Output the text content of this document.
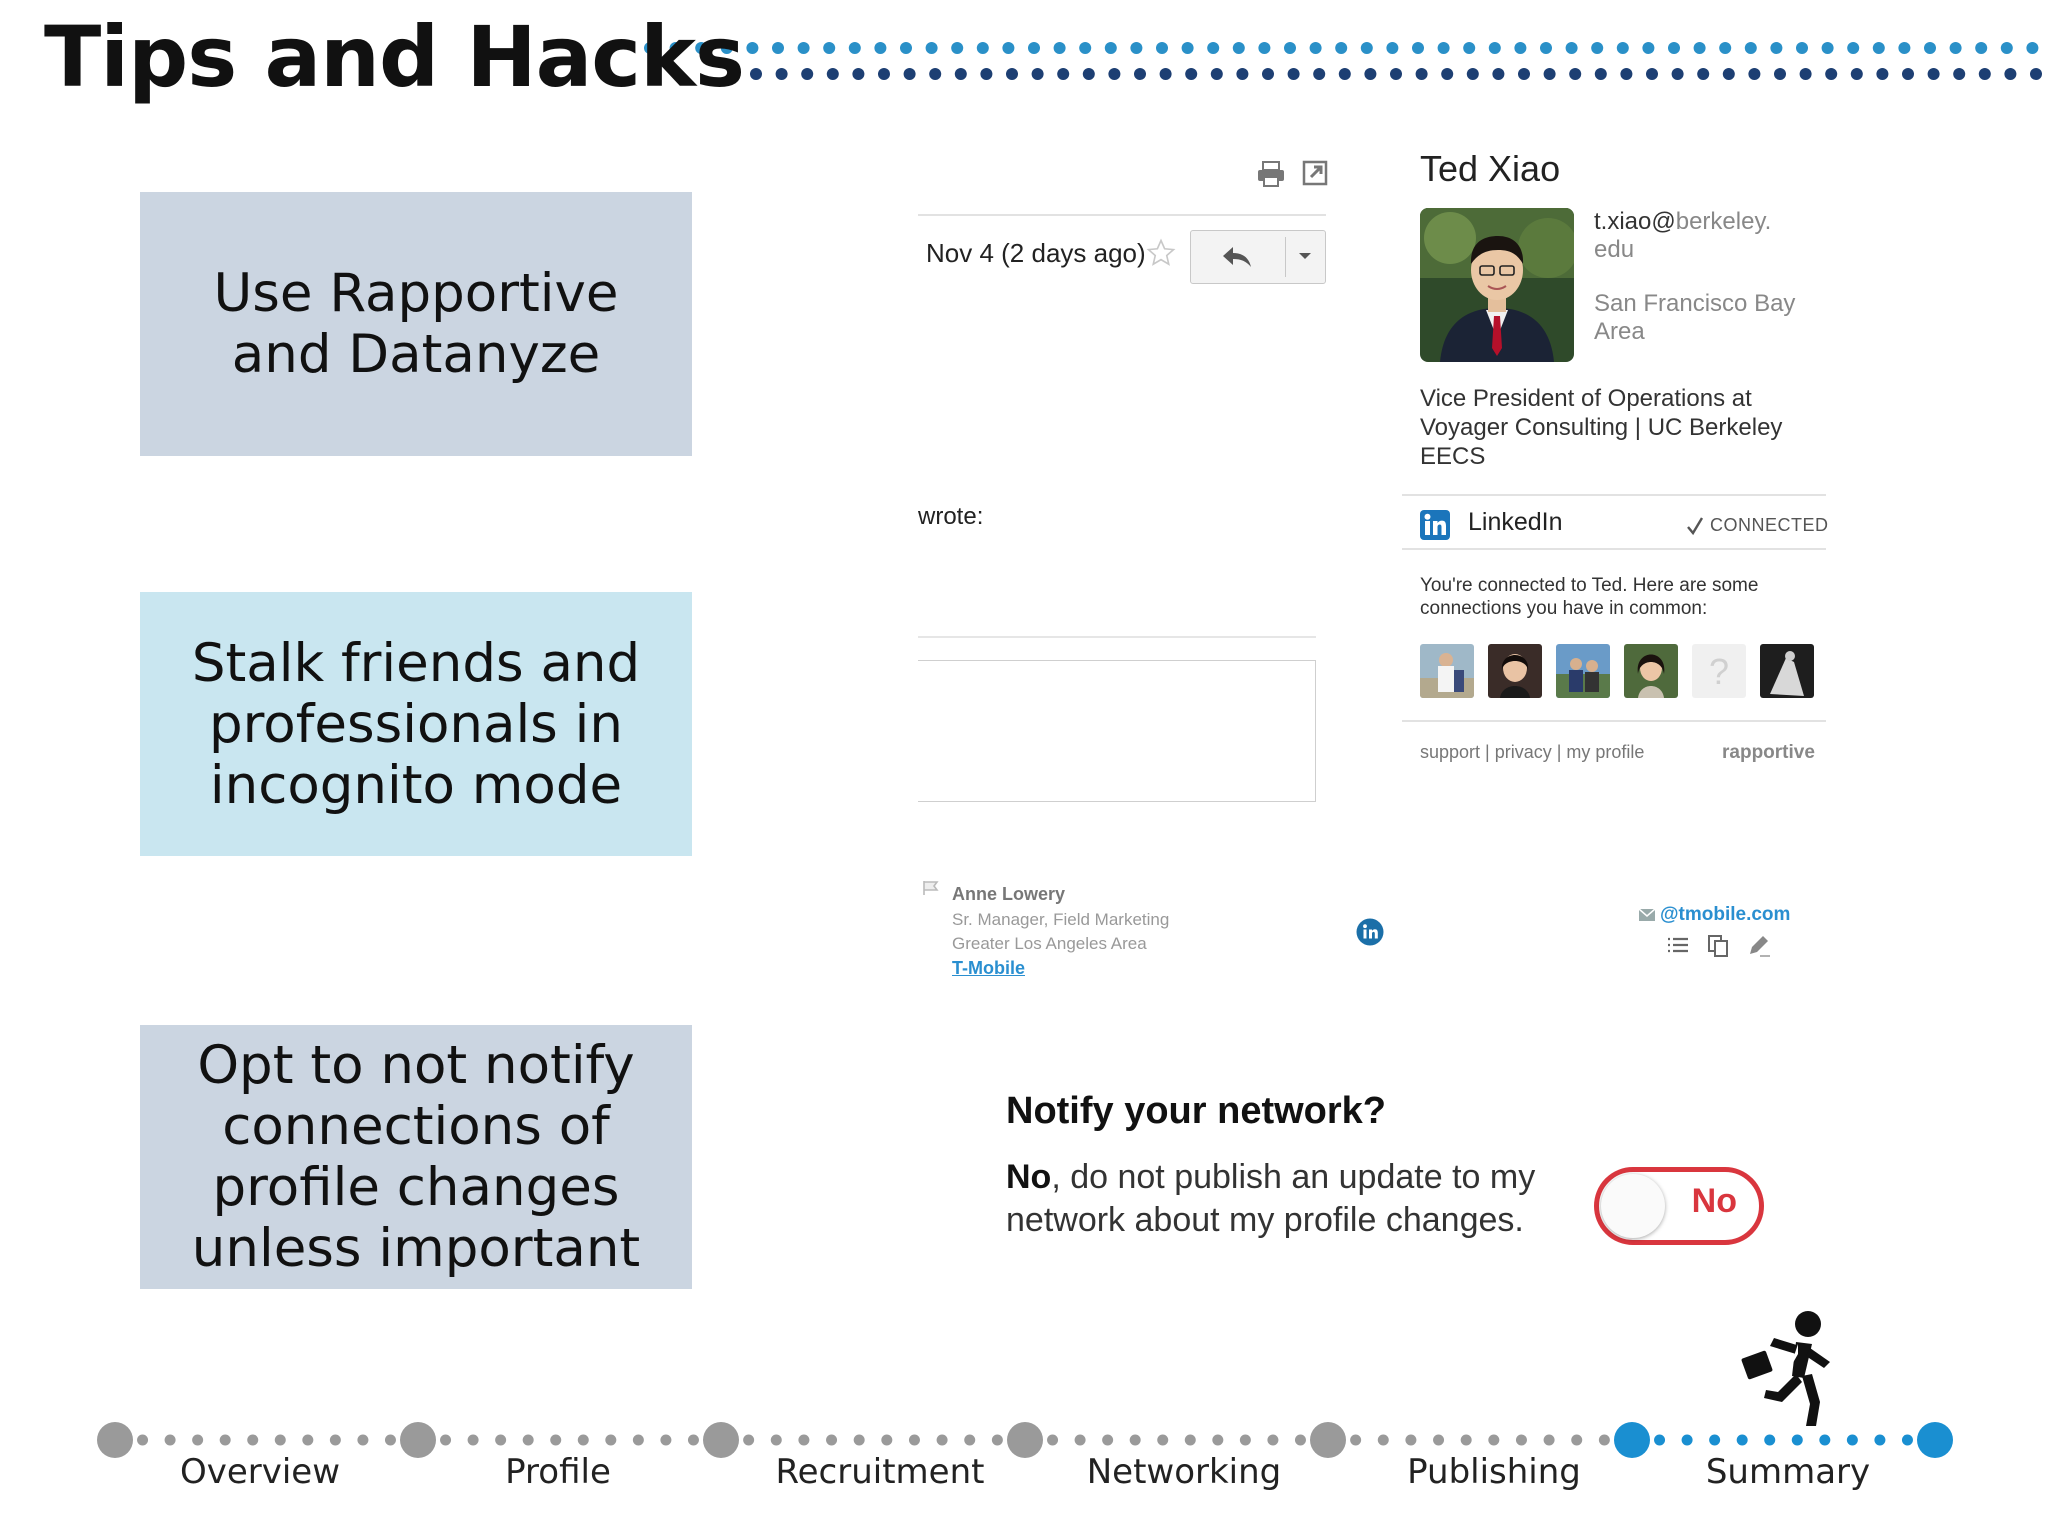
Tips and Hacks
Use Rapportive and Datanyze
Stalk friends and professionals in incognito mode
Opt to not notify connections of profile changes unless important
Nov 4 (2 days ago)
wrote:
Ted Xiao
t.xiao@berkeley.
edu
San Francisco Bay Area
Vice President of Operations at Voyager Consulting | UC Berkeley EECS
LinkedIn	CONNECTED
You're connected to Ted. Here are some connections you have in common:
?
support | privacy | my profile	rapportive
Anne Lowery
Sr. Manager, Field Marketing
Greater Los Angeles Area
T-Mobile
@tmobile.com
Notify your network?
No, do not publish an update to my network about my profile changes.	No
Overview	Profile	Recruitment	Networking	Publishing	Summary
